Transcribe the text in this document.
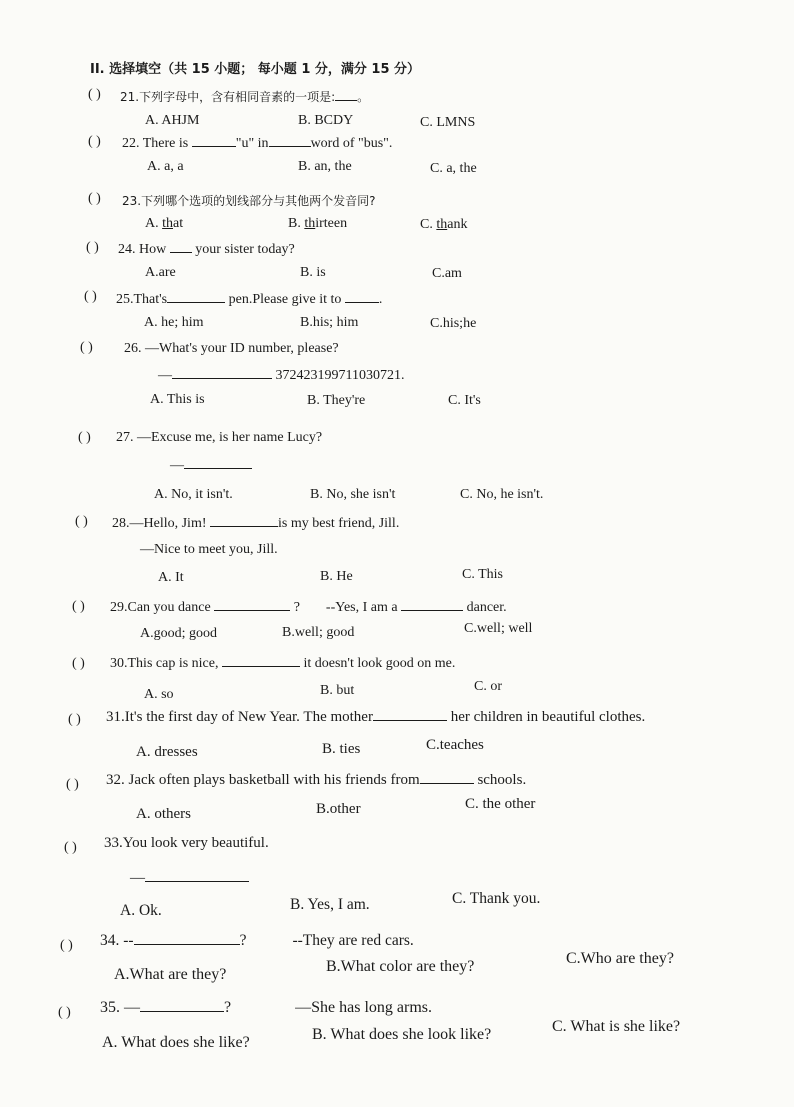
II. 选择填空（共 15 小题； 每小题 1 分，满分 15 分）
( ) 21.下列字母中，含有相同音素的一项是: 。
A. AHJM	B. BCDY	C. LMNS
( ) 22. There is	"u" in	word of "bus".
A. a, a	B. an, the	C. a, the
( ) 23.下列哪个选项的划线部分与其他两个发音同?
A. that	B. thirteen	C. thank
( ) 24. How  your sister today?
A.are	B. is	C.am
( ) 25.That's	pen.Please give it to .
A. he; him	B.his; him	C.his;he
( ) 26. —What's your ID number, please?
—	372423199711030721.
A. This is	B. They're	C. It's
( ) 27. —Excuse me, is her name Lucy?
—
A. No, it isn't.	B. No, she isn't	C. No, he isn't.
( ) 28.—Hello, Jim!	is my best friend, Jill.
—Nice to meet you, Jill.
A. It	B. He	C. This
( ) 29.Can you dance	? --Yes, I am a	dancer.
A.good; good	B.well; good	C.well; well
( ) 30.This cap is nice,	it doesn't look good on me.
A. so	B. but	C. or
( ) 31.It's the first day of New Year. The mother	her children in beautiful clothes.
A. dresses	B. ties	C.teaches
( ) 32. Jack often plays basketball with his friends from	schools.
A. others	B.other	C. the other
( ) 33.You look very beautiful.
—
A. Ok.	B. Yes, I am.	C. Thank you.
( ) 34. --	?	--They are red cars.
A.What are they?	B.What color are they?	C.Who are they?
( ) 35. —	?	—She has long arms.
A. What does she like?	B. What does she look like?	C. What is she like?
